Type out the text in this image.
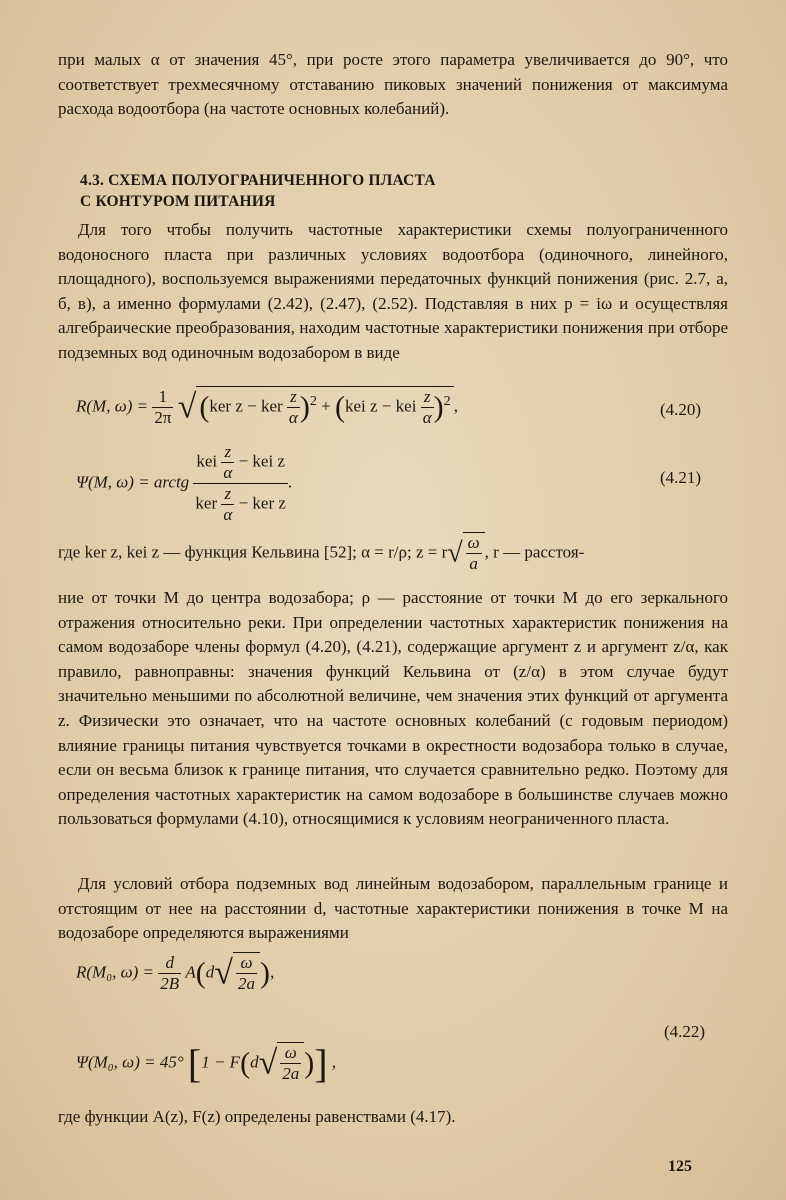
при малых α от значения 45°, при росте этого параметра увеличивается до 90°, что соответствует трехмесячному отставанию пиковых значений понижения от максимума расхода водоотбора (на частоте основных колебаний).

4.3. СХЕМА ПОЛУОГРАНИЧЕННОГО ПЛАСТА
С КОНТУРОМ ПИТАНИЯ

Для того чтобы получить частотные характеристики схемы полуограниченного водоносного пласта при различных условиях водоотбора (одиночного, линейного, площадного), воспользуемся выражениями передаточных функций понижения (рис. 2.7, а, б, в), а именно формулами (2.42), (2.47), (2.52). Подставляя в них p = iω и осуществляя алгебраические преобразования, находим частотные характеристики понижения при отборе подземных вод одиночным водозабором в виде

R(M, $\omega) = \frac{1}{2\pi}$ √ (ker z − ker $\frac{z}{\alpha} )^2 + (kei$ z − kei $\frac{z}{\alpha} )^2$ ,	(4.20)
Ψ(M, ω) = arctg $\frac{kei \frac{z}{\alpha} - kei z}{ker \frac{z}{\alpha} - ker z}$ .	(4.21)
где ker z, kei z — функция Кельвина [52]; α = r/ρ; $z = r√ \frac{\omega}{a}$ , r — расстоя-

ние от точки M до центра водозабора; ρ — расстояние от точки M до его зеркального отражения относительно реки. При определении частотных характеристик понижения на самом водозаборе члены формул (4.20), (4.21), содержащие аргумент z и аргумент z/α, как правило, равноправны: значения функций Кельвина от (z/α) в этом случае будут значительно меньшими по абсолютной величине, чем значения этих функций от аргумента z. Физически это означает, что на частоте основных колебаний (с годовым периодом) влияние границы питания чувствуется точками в окрестности водозабора только в случае, если он весьма близок к границе питания, что случается сравнительно редко. Поэтому для определения частотных характеристик на самом водозаборе в большинстве случаев можно пользоваться формулами (4.10), относящимися к условиям неограниченного пласта.

Для условий отбора подземных вод линейным водозабором, параллельным границе и отстоящим от нее на расстоянии d, частотные характеристики понижения в точке M на водозаборе определяются выражениями

R(M₀, $\omega) = \frac{d}{2B} A(d√ \frac{\omega}{2a}$ ),
(4.22)
Ψ(M₀, ω) = 45° [$1 - F(d√ \frac{\omega}{2a}$ )] ,

где функции A(z), F(z) определены равенствами (4.17).

125
